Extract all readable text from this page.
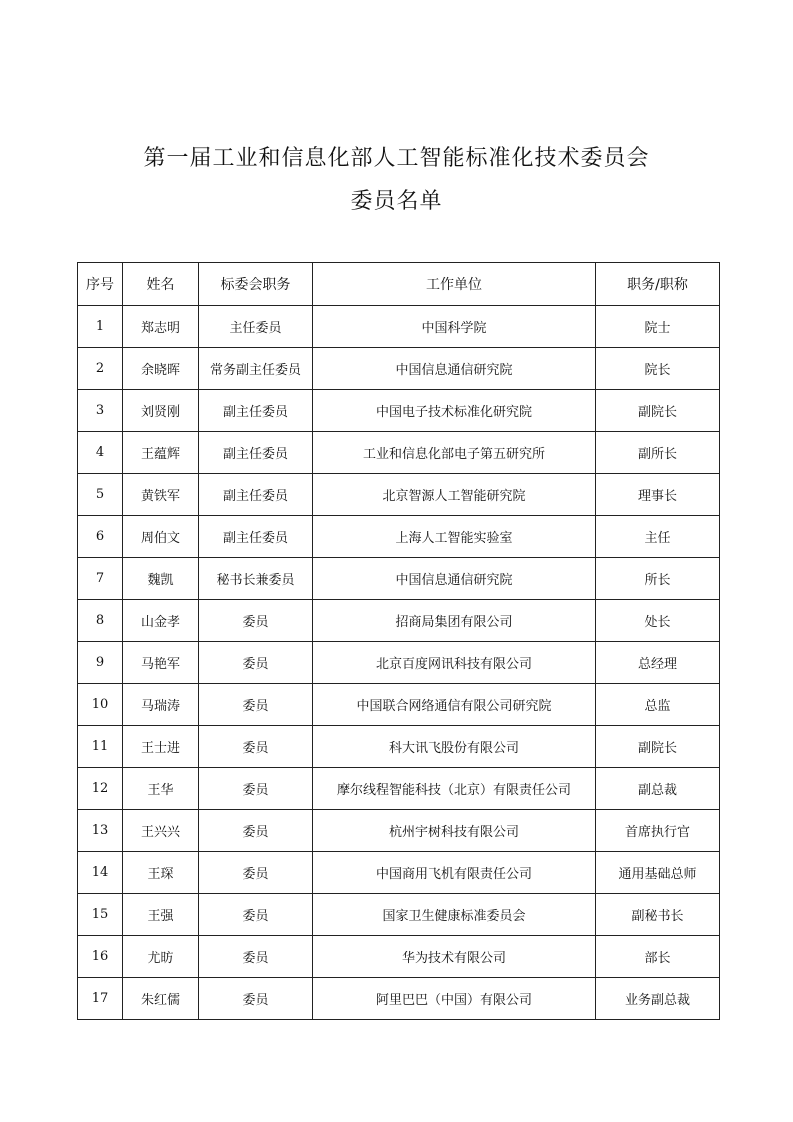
第一届工业和信息化部人工智能标准化技术委员会
委员名单
序号	姓名	标委会职务	工作单位	职务/职称
1	郑志明	主任委员	中国科学院	院士
2	余晓晖	常务副主任委员	中国信息通信研究院	院长
3	刘贤刚	副主任委员	中国电子技术标准化研究院	副院长
4	王蕴辉	副主任委员	工业和信息化部电子第五研究所	副所长
5	黄铁军	副主任委员	北京智源人工智能研究院	理事长
6	周伯文	副主任委员	上海人工智能实验室	主任
7	魏凯	秘书长兼委员	中国信息通信研究院	所长
8	山金孝	委员	招商局集团有限公司	处长
9	马艳军	委员	北京百度网讯科技有限公司	总经理
10	马瑞涛	委员	中国联合网络通信有限公司研究院	总监
11	王士进	委员	科大讯飞股份有限公司	副院长
12	王华	委员	摩尔线程智能科技（北京）有限责任公司	副总裁
13	王兴兴	委员	杭州宇树科技有限公司	首席执行官
14	王琛	委员	中国商用飞机有限责任公司	通用基础总师
15	王强	委员	国家卫生健康标准委员会	副秘书长
16	尤昉	委员	华为技术有限公司	部长
17	朱红儒	委员	阿里巴巴（中国）有限公司	业务副总裁
